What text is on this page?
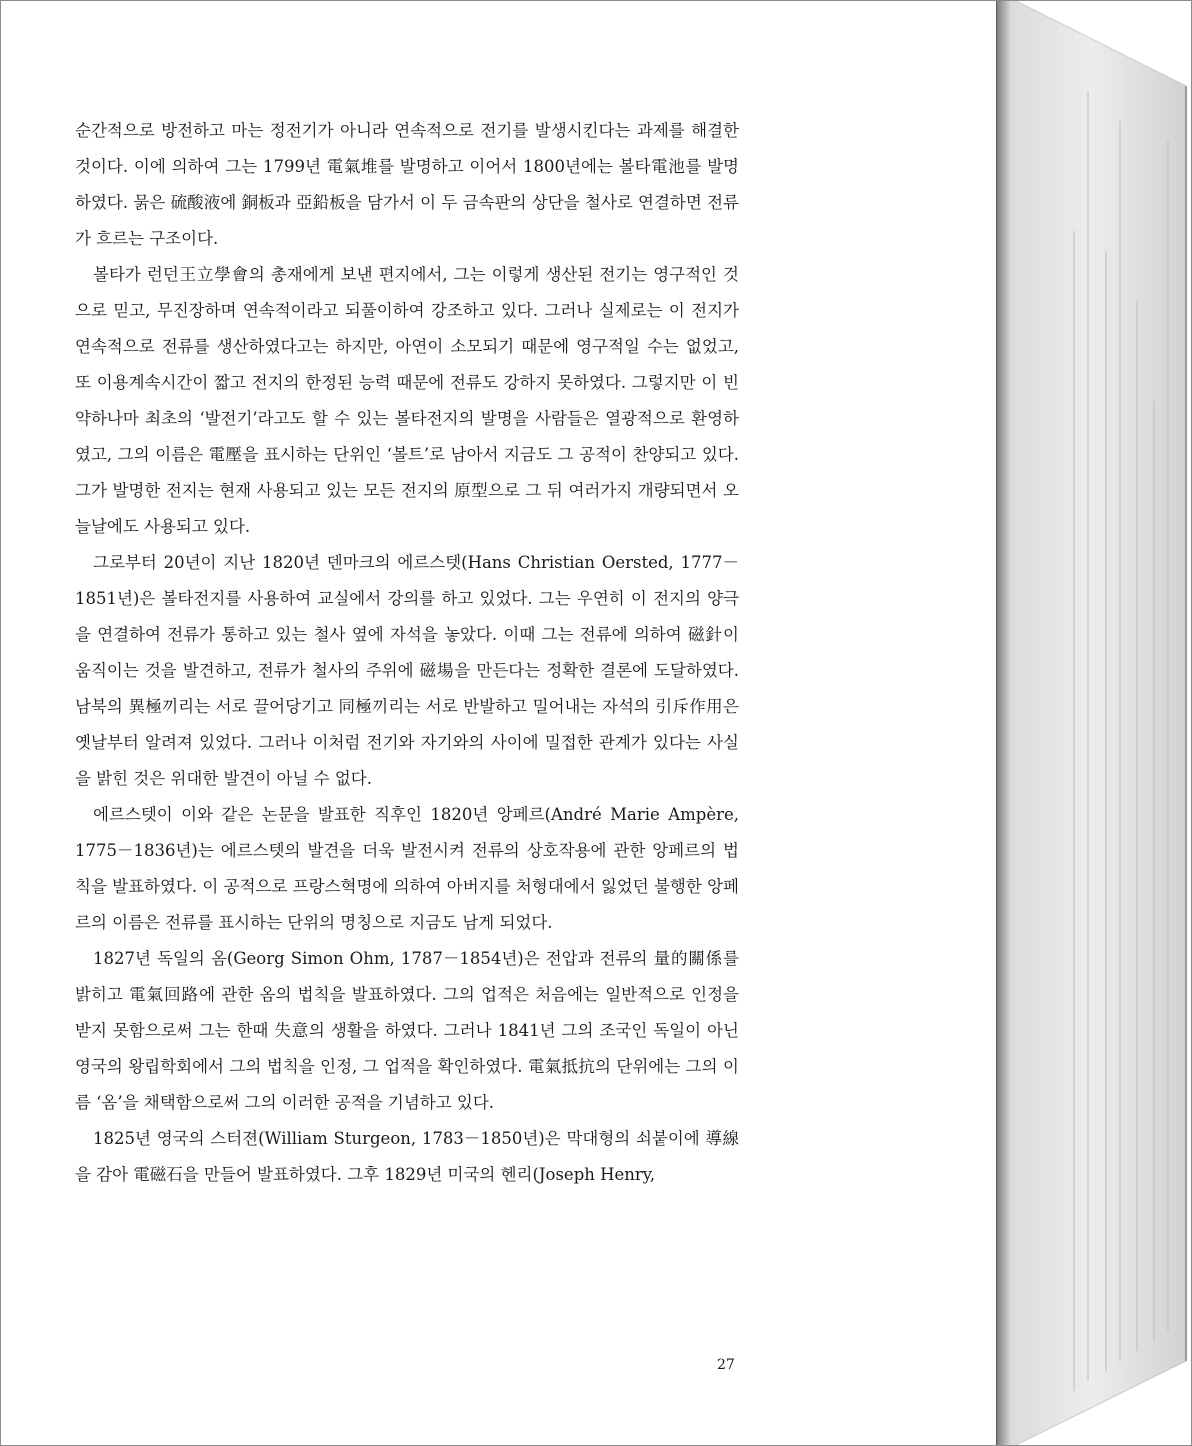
순간적으로 방전하고 마는 정전기가 아니라 연속적으로 전기를 발생시킨다는 과제를 해결한 것이다. 이에 의하여 그는 1799년 電氣堆를 발명하고 이어서 1800년에는 볼타電池를 발명하였다. 묽은 硫酸液에 銅板과 亞鉛板을 담가서 이 두 금속판의 상단을 철사로 연결하면 전류가 흐르는 구조이다.

볼타가 런던王立學會의 총재에게 보낸 편지에서, 그는 이렇게 생산된 전기는 영구적인 것으로 믿고, 무진장하며 연속적이라고 되풀이하여 강조하고 있다. 그러나 실제로는 이 전지가 연속적으로 전류를 생산하였다고는 하지만, 아연이 소모되기 때문에 영구적일 수는 없었고, 또 이용계속시간이 짧고 전지의 한정된 능력 때문에 전류도 강하지 못하였다. 그렇지만 이 빈약하나마 최초의 ‘발전기’라고도 할 수 있는 볼타전지의 발명을 사람들은 열광적으로 환영하였고, 그의 이름은 電壓을 표시하는 단위인 ‘볼트’로 남아서 지금도 그 공적이 찬양되고 있다. 그가 발명한 전지는 현재 사용되고 있는 모든 전지의 原型으로 그 뒤 여러가지 개량되면서 오늘날에도 사용되고 있다.

그로부터 20년이 지난 1820년 덴마크의 에르스텟(Hans Christian Oersted, 1777－1851년)은 볼타전지를 사용하여 교실에서 강의를 하고 있었다. 그는 우연히 이 전지의 양극을 연결하여 전류가 통하고 있는 철사 옆에 자석을 놓았다. 이때 그는 전류에 의하여 磁針이 움직이는 것을 발견하고, 전류가 철사의 주위에 磁場을 만든다는 정확한 결론에 도달하였다. 남북의 異極끼리는 서로 끌어당기고 同極끼리는 서로 반발하고 밀어내는 자석의 引斥作用은 옛날부터 알려져 있었다. 그러나 이처럼 전기와 자기와의 사이에 밀접한 관계가 있다는 사실을 밝힌 것은 위대한 발견이 아닐 수 없다.

에르스텟이 이와 같은 논문을 발표한 직후인 1820년 앙페르(André Marie Ampère, 1775－1836년)는 에르스텟의 발견을 더욱 발전시켜 전류의 상호작용에 관한 앙페르의 법칙을 발표하였다. 이 공적으로 프랑스혁명에 의하여 아버지를 처형대에서 잃었던 불행한 앙페르의 이름은 전류를 표시하는 단위의 명칭으로 지금도 남게 되었다.

1827년 독일의 옴(Georg Simon Ohm, 1787－1854년)은 전압과 전류의 量的關係를 밝히고 電氣回路에 관한 옴의 법칙을 발표하였다. 그의 업적은 처음에는 일반적으로 인정을 받지 못함으로써 그는 한때 失意의 생활을 하였다. 그러나 1841년 그의 조국인 독일이 아닌 영국의 왕립학회에서 그의 법칙을 인정, 그 업적을 확인하였다. 電氣抵抗의 단위에는 그의 이름 ‘옴’을 채택함으로써 그의 이러한 공적을 기념하고 있다.

1825년 영국의 스터젼(William Sturgeon, 1783－1850년)은 막대형의 쇠붙이에 導線을 감아 電磁石을 만들어 발표하였다. 그후 1829년 미국의 헨리(Joseph Henry,

27
